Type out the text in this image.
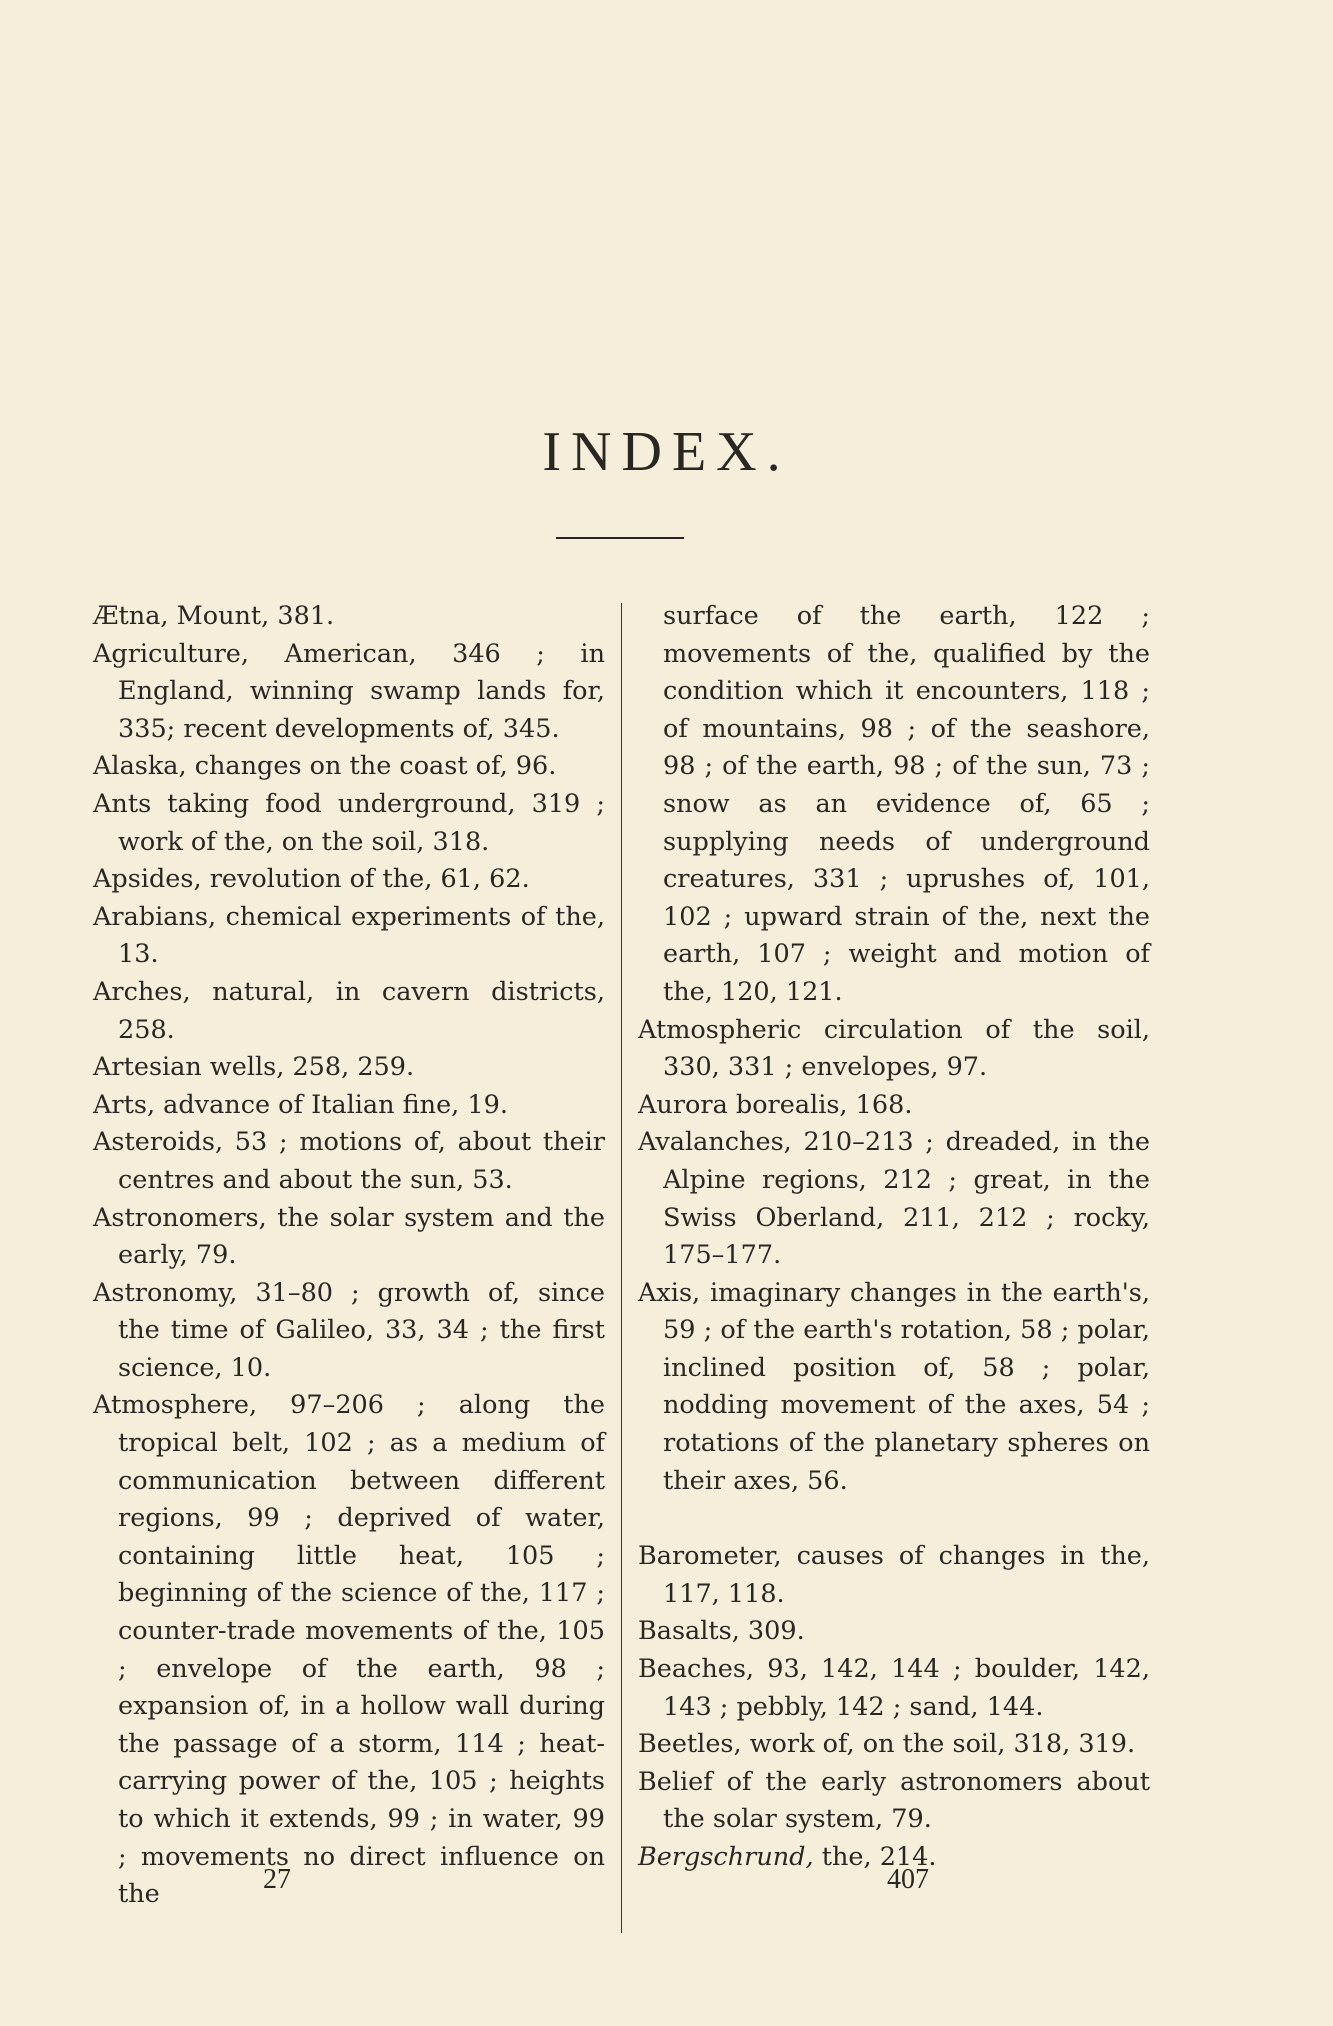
INDEX.

Ætna, Mount, 381.

Agriculture, American, 346 ; in England, winning swamp lands for, 335; recent developments of, 345.

Alaska, changes on the coast of, 96.

Ants taking food underground, 319 ; work of the, on the soil, 318.

Apsides, revolution of the, 61, 62.

Arabians, chemical experiments of the, 13.

Arches, natural, in cavern districts, 258.

Artesian wells, 258, 259.

Arts, advance of Italian fine, 19.

Asteroids, 53 ; motions of, about their centres and about the sun, 53.

Astronomers, the solar system and the early, 79.

Astronomy, 31–80 ; growth of, since the time of Galileo, 33, 34 ; the first science, 10.

Atmosphere, 97–206 ; along the tropical belt, 102 ; as a medium of communication between different regions, 99 ; deprived of water, containing little heat, 105 ; beginning of the science of the, 117 ; counter-trade movements of the, 105 ; envelope of the earth, 98 ; expansion of, in a hollow wall during the passage of a storm, 114 ; heat-carrying power of the, 105 ; heights to which it extends, 99 ; in water, 99 ; movements no direct influence on the

surface of the earth, 122 ; movements of the, qualified by the condition which it encounters, 118 ; of mountains, 98 ; of the seashore, 98 ; of the earth, 98 ; of the sun, 73 ; snow as an evidence of, 65 ; supplying needs of underground creatures, 331 ; uprushes of, 101, 102 ; upward strain of the, next the earth, 107 ; weight and motion of the, 120, 121.

Atmospheric circulation of the soil, 330, 331 ; envelopes, 97.

Aurora borealis, 168.

Avalanches, 210–213 ; dreaded, in the Alpine regions, 212 ; great, in the Swiss Oberland, 211, 212 ; rocky, 175–177.

Axis, imaginary changes in the earth's, 59 ; of the earth's rotation, 58 ; polar, inclined position of, 58 ; polar, nodding movement of the axes, 54 ; rotations of the planetary spheres on their axes, 56.

Barometer, causes of changes in the, 117, 118.

Basalts, 309.

Beaches, 93, 142, 144 ; boulder, 142, 143 ; pebbly, 142 ; sand, 144.

Beetles, work of, on the soil, 318, 319.

Belief of the early astronomers about the solar system, 79.

Bergschrund, the, 214.

27	407
